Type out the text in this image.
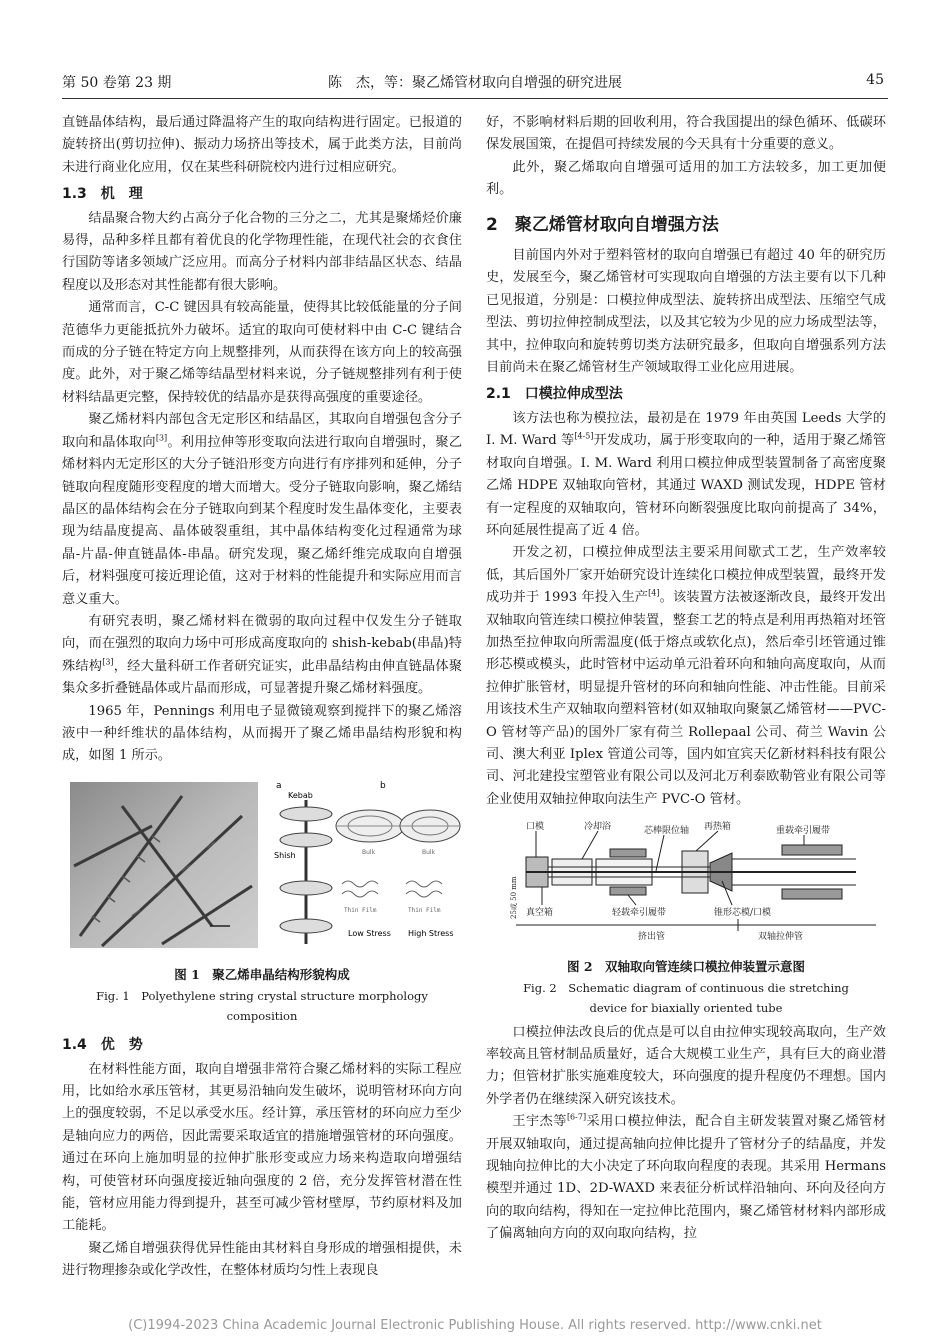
第 50 卷第 23 期	陈　杰，等：聚乙烯管材取向自增强的研究进展	45

直链晶体结构，最后通过降温将产生的取向结构进行固定。已报道的旋转挤出(剪切拉伸)、振动力场挤出等技术，属于此类方法，目前尚未进行商业化应用，仅在某些科研院校内进行过相应研究。

1.3　机　理

结晶聚合物大约占高分子化合物的三分之二，尤其是聚烯烃价廉易得，品种多样且都有着优良的化学物理性能，在现代社会的衣食住行国防等诸多领域广泛应用。而高分子材料内部非结晶区状态、结晶程度以及形态对其性能都有很大影响。

通常而言，C-C 键因具有较高能量，使得其比较低能量的分子间范德华力更能抵抗外力破坏。适宜的取向可使材料中由 C-C 键结合而成的分子链在特定方向上规整排列，从而获得在该方向上的较高强度。此外，对于聚乙烯等结晶型材料来说，分子链规整排列有利于使材料结晶更完整，保持较优的结晶亦是获得高强度的重要途径。

聚乙烯材料内部包含无定形区和结晶区，其取向自增强包含分子取向和晶体取向[3]。利用拉伸等形变取向法进行取向自增强时，聚乙烯材料内无定形区的大分子链沿形变方向进行有序排列和延伸，分子链取向程度随形变程度的增大而增大。受分子链取向影响，聚乙烯结晶区的晶体结构会在分子链取向到某个程度时发生晶体变化，主要表现为结晶度提高、晶体破裂重组，其中晶体结构变化过程通常为球晶-片晶-伸直链晶体-串晶。研究发现，聚乙烯纤维完成取向自增强后，材料强度可接近理论值，这对于材料的性能提升和实际应用而言意义重大。

有研究表明，聚乙烯材料在微弱的取向过程中仅发生分子链取向，而在强烈的取向力场中可形成高度取向的 shish-kebab(串晶)特殊结构[3]，经大量科研工作者研究证实，此串晶结构由伸直链晶体聚集众多折叠链晶体或片晶而形成，可显著提升聚乙烯材料强度。

1965 年，Pennings 利用电子显微镜观察到搅拌下的聚乙烯溶液中一种纤维状的晶体结构，从而揭开了聚乙烯串晶结构形貌和构成，如图 1 所示。

a	b
Kebab
Shish	Bulk	Bulk
Thin Film	Thin Film
Low Stress High Stress
图 1　聚乙烯串晶结构形貌构成
Fig. 1　Polyethylene string crystal structure morphology composition
1.4　优　势

在材料性能方面，取向自增强非常符合聚乙烯材料的实际工程应用，比如给水承压管材，其更易沿轴向发生破坏，说明管材环向方向上的强度较弱，不足以承受水压。经计算，承压管材的环向应力至少是轴向应力的两倍，因此需要采取适宜的措施增强管材的环向强度。通过在环向上施加明显的拉伸扩胀形变或应力场来构造取向增强结构，可使管材环向强度接近轴向强度的 2 倍，充分发挥管材潜在性能，管材应用能力得到提升，甚至可减少管材壁厚，节约原材料及加工能耗。

聚乙烯自增强获得优异性能由其材料自身形成的增强相提供，未进行物理掺杂或化学改性，在整体材质均匀性上表现良

好，不影响材料后期的回收利用，符合我国提出的绿色循环、低碳环保发展国策，在提倡可持续发展的今天具有十分重要的意义。

此外，聚乙烯取向自增强可适用的加工方法较多，加工更加便利。

2　聚乙烯管材取向自增强方法

目前国内外对于塑料管材的取向自增强已有超过 40 年的研究历史，发展至今，聚乙烯管材可实现取向自增强的方法主要有以下几种已见报道，分别是：口模拉伸成型法、旋转挤出成型法、压缩空气成型法、剪切拉伸控制成型法，以及其它较为少见的应力场成型法等，其中，拉伸取向和旋转剪切类方法研究最多，但取向自增强系列方法目前尚未在聚乙烯管材生产领域取得工业化应用进展。

2.1　口模拉伸成型法

该方法也称为模拉法，最初是在 1979 年由英国 Leeds 大学的 I. M. Ward 等[4-5]开发成功，属于形变取向的一种，适用于聚乙烯管材取向自增强。I. M. Ward 利用口模拉伸成型装置制备了高密度聚乙烯 HDPE 双轴取向管材，其通过 WAXD 测试发现，HDPE 管材有一定程度的双轴取向，管材环向断裂强度比取向前提高了 34%，环向延展性提高了近 4 倍。

开发之初，口模拉伸成型法主要采用间歇式工艺，生产效率较低，其后国外厂家开始研究设计连续化口模拉伸成型装置，最终开发成功并于 1993 年投入生产[4]。该装置方法被逐渐改良，最终开发出双轴取向管连续口模拉伸装置，整套工艺的特点是利用再热箱对坯管加热至拉伸取向所需温度(低于熔点或软化点)，然后牵引坯管通过锥形芯模或模头，此时管材中运动单元沿着环向和轴向高度取向，从而拉伸扩胀管材，明显提升管材的环向和轴向性能、冲击性能。目前采用该技术生产双轴取向塑料管材(如双轴取向聚氯乙烯管材——PVC-O 管材等产品)的国外厂家有荷兰 Rollepaal 公司、荷兰 Wavin 公司、澳大利亚 Iplex 管道公司等，国内如宜宾天亿新材料科技有限公司、河北建投宝塑管业有限公司以及河北万利泰欧勒管业有限公司等企业使用双轴拉伸取向法生产 PVC-O 管材。

口模	冷却浴	芯棒限位轴 再热箱	重载牵引履带
真空箱	轻载牵引履带	锥形芯模/口模
挤出管	双轴拉伸管
25或 50 mm
图 2　双轴取向管连续口模拉伸装置示意图
Fig. 2　Schematic diagram of continuous die stretching
device for biaxially oriented tube

口模拉伸法改良后的优点是可以自由拉伸实现较高取向，生产效率较高且管材制品质量好，适合大规模工业生产，具有巨大的商业潜力；但管材扩胀实施难度较大，环向强度的提升程度仍不理想。国内外学者仍在继续深入研究该技术。

王宇杰等[6-7]采用口模拉伸法，配合自主研发装置对聚乙烯管材开展双轴取向，通过提高轴向拉伸比提升了管材分子的结晶度，并发现轴向拉伸比的大小决定了环向取向程度的表现。其采用 Hermans 模型并通过 1D、2D-WAXD 来表征分析试样沿轴向、环向及径向方向的取向结构，得知在一定拉伸比范围内，聚乙烯管材材料内部形成了偏离轴向方向的双向取向结构，拉

(C)1994-2023 China Academic Journal Electronic Publishing House. All rights reserved. http://www.cnki.net
